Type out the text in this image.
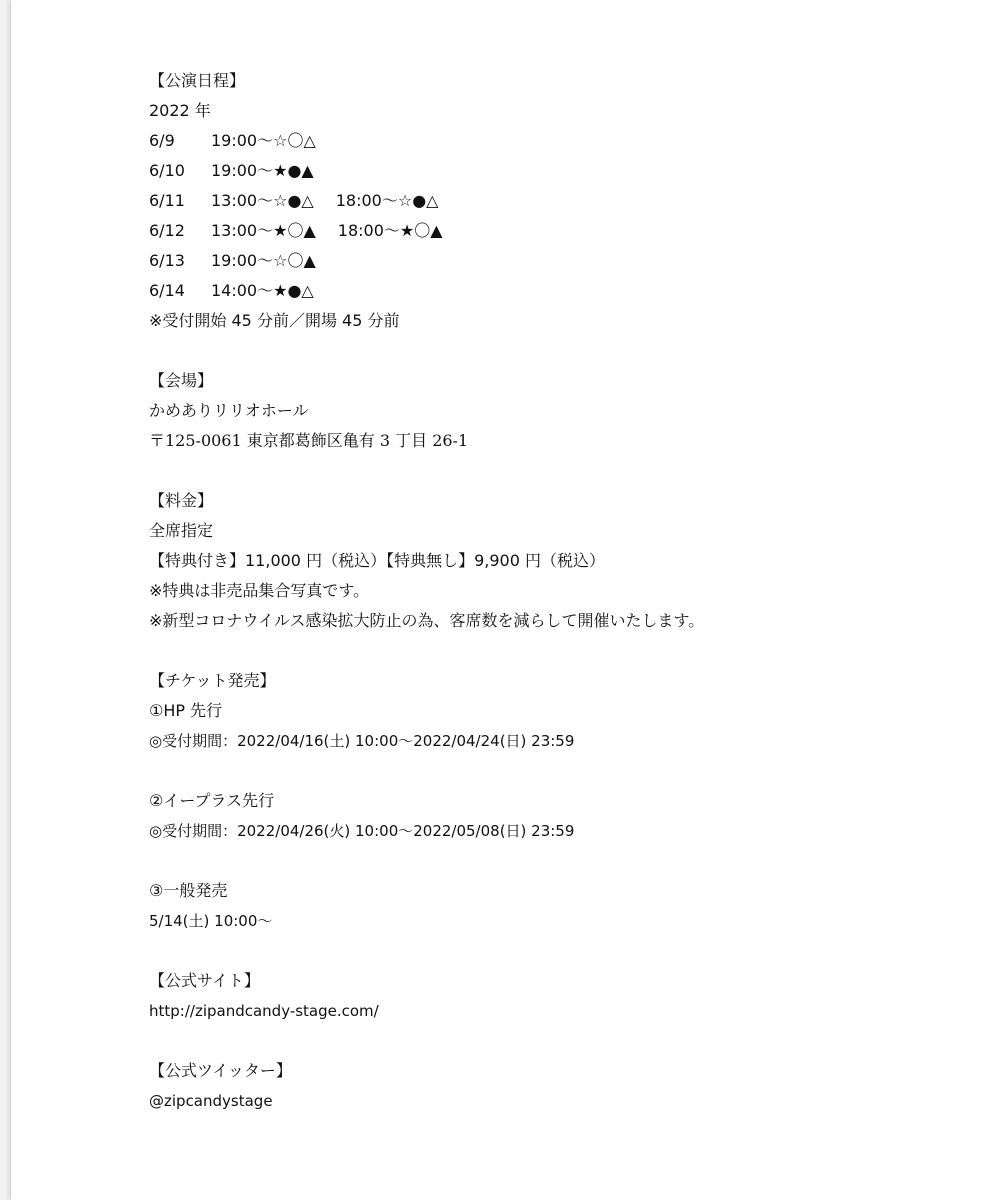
【公演日程】
2022 年
6/9 19:00～☆〇△
6/10 19:00～★●▲
6/11 13:00～☆●△ 18:00～☆●△
6/12 13:00～★〇▲ 18:00～★〇▲
6/13 19:00～☆〇▲
6/14 14:00～★●△
※受付開始 45 分前／開場 45 分前
【会場】
かめありリリオホール
〒125-0061 東京都葛飾区亀有 3 丁目 26-1
【料金】
全席指定
【特典付き】11,000 円（税込）【特典無し】9,900 円（税込）
※特典は非売品集合写真です。
※新型コロナウイルス感染拡大防止の為、客席数を減らして開催いたします。
【チケット発売】
①HP 先行
◎受付期間：2022/04/16(土) 10:00～2022/04/24(日) 23:59
②イープラス先行
◎受付期間：2022/04/26(火) 10:00～2022/05/08(日) 23:59
③一般発売
5/14(土) 10:00～
【公式サイト】
http://zipandcandy-stage.com/
【公式ツイッター】
@zipcandystage
